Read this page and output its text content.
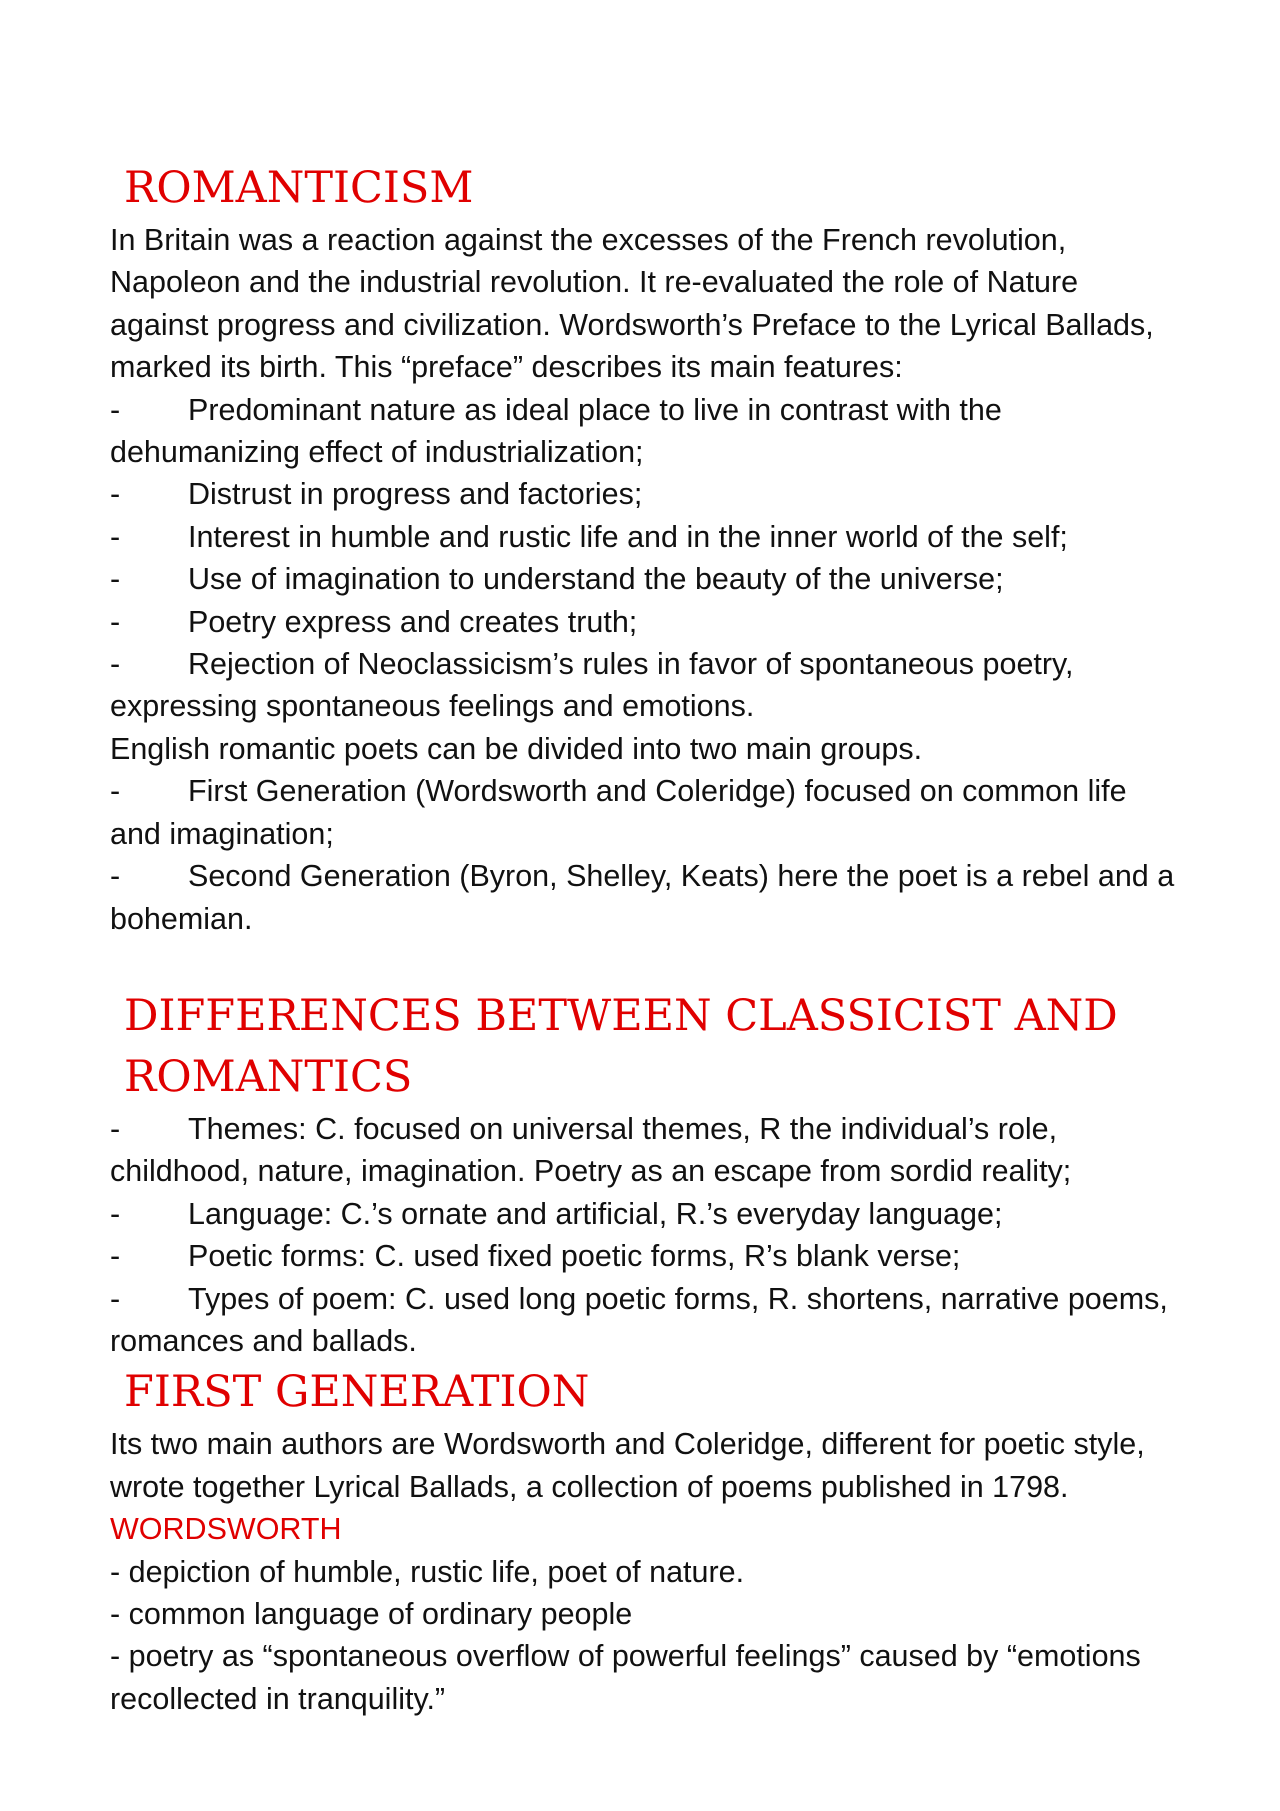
ROMANTICISM

In Britain was a reaction against the excesses of the French revolution, Napoleon and the industrial revolution. It re-evaluated the role of Nature against progress and civilization. Wordsworth’s Preface to the Lyrical Ballads, marked its birth. This “preface” describes its main features:

- Predominant nature as ideal place to live in contrast with the dehumanizing effect of industrialization;

- Distrust in progress and factories;

- Interest in humble and rustic life and in the inner world of the self;

- Use of imagination to understand the beauty of the universe;

- Poetry express and creates truth;

- Rejection of Neoclassicism’s rules in favor of spontaneous poetry, expressing spontaneous feelings and emotions.

English romantic poets can be divided into two main groups.

- First Generation (Wordsworth and Coleridge) focused on common life and imagination;

- Second Generation (Byron, Shelley, Keats) here the poet is a rebel and a bohemian.

DIFFERENCES BETWEEN CLASSICIST AND
ROMANTICS

- Themes: C. focused on universal themes, R the individual’s role, childhood, nature, imagination. Poetry as an escape from sordid reality;

- Language: C.’s ornate and artificial, R.’s everyday language;

- Poetic forms: C. used fixed poetic forms, R’s blank verse;

- Types of poem: C. used long poetic forms, R. shortens, narrative poems, romances and ballads.

FIRST GENERATION

Its two main authors are Wordsworth and Coleridge, different for poetic style, wrote together Lyrical Ballads, a collection of poems published in 1798.

WORDSWORTH

- depiction of humble, rustic life, poet of nature.

- common language of ordinary people

- poetry as “spontaneous overflow of powerful feelings” caused by “emotions recollected in tranquility.”
